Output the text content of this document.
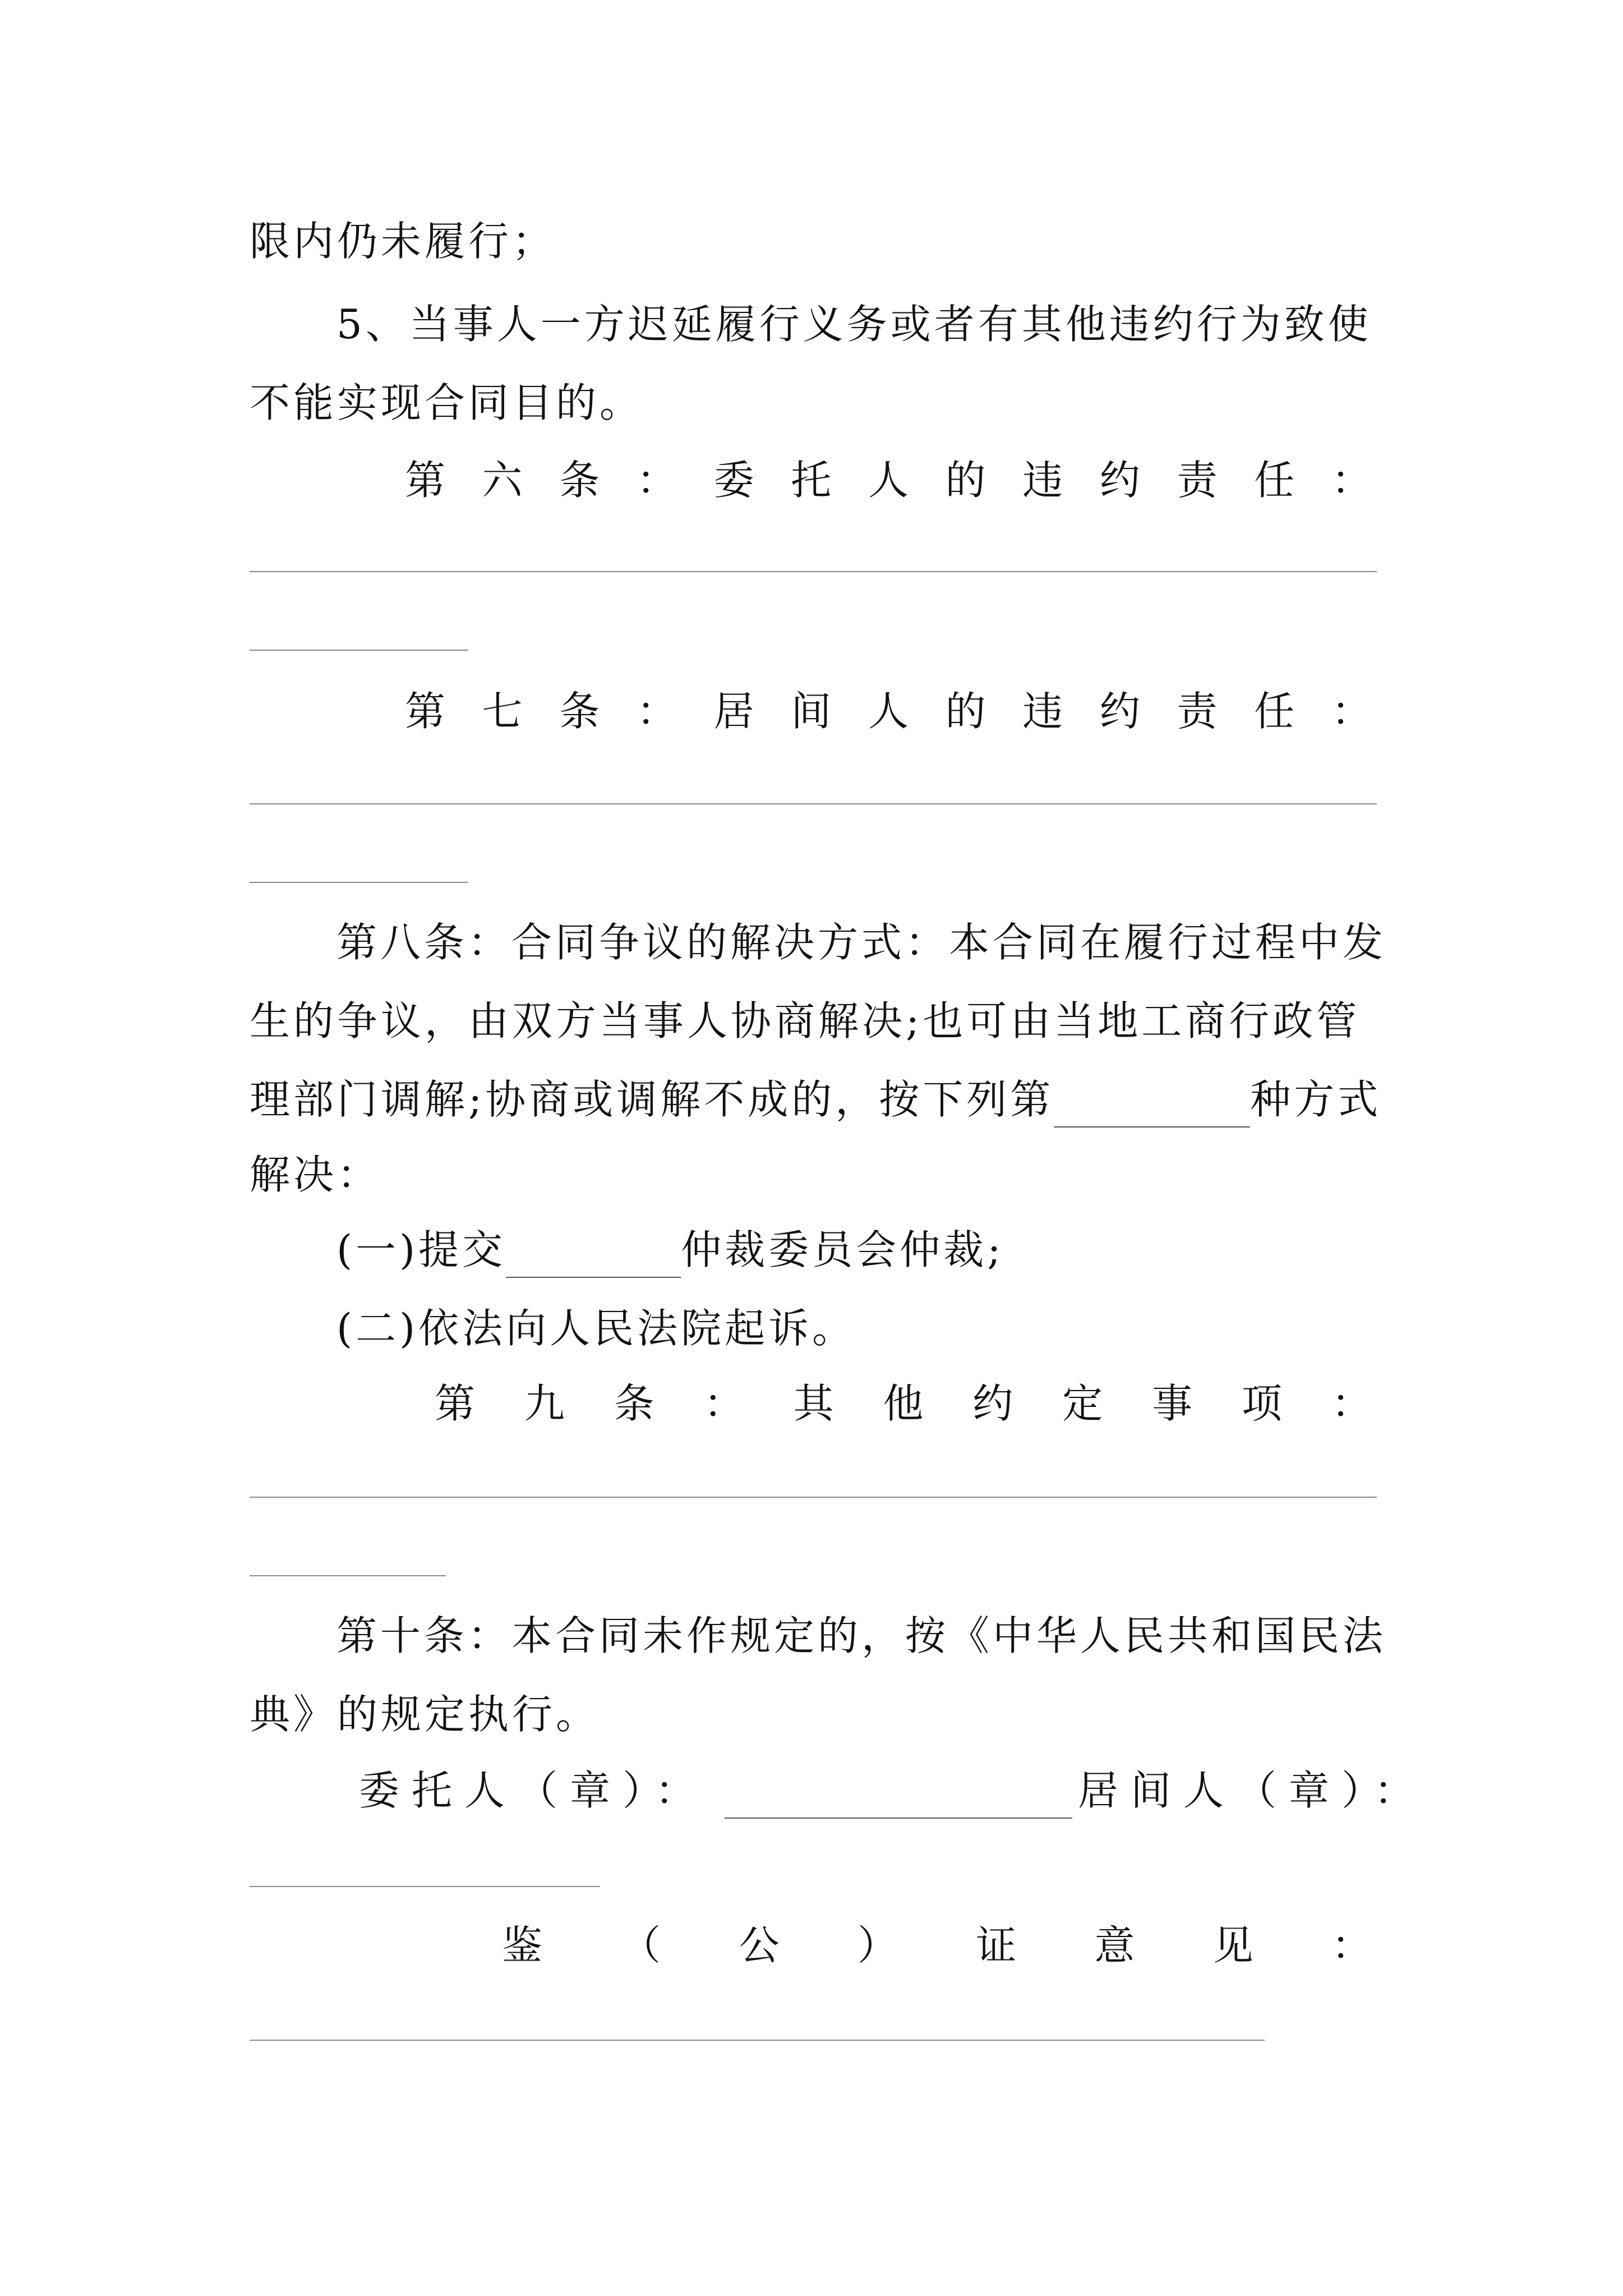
限内仍未履行；
5、当事人一方迟延履行义务或者有其他违约行为致使
不能实现合同目的。
第 六 条 ： 委 托 人 的 违 约 责 任 ：
第 七 条 ： 居 间 人 的 违 约 责 任 ：
第八条：合同争议的解决方式：本合同在履行过程中发
生的争议，由双方当事人协商解决;也可由当地工商行政管
理部门调解;协商或调解不成的，按下列第	种方式
解决：
(一)提交	仲裁委员会仲裁;
(二)依法向人民法院起诉。
第 九 条 ： 其 他 约 定 事 项 ：
第十条：本合同未作规定的，按《中华人民共和国民法
典》的规定执行。
委托人（章）：	居间人（章）：
鉴 （ 公 ） 证 意 见 ：
